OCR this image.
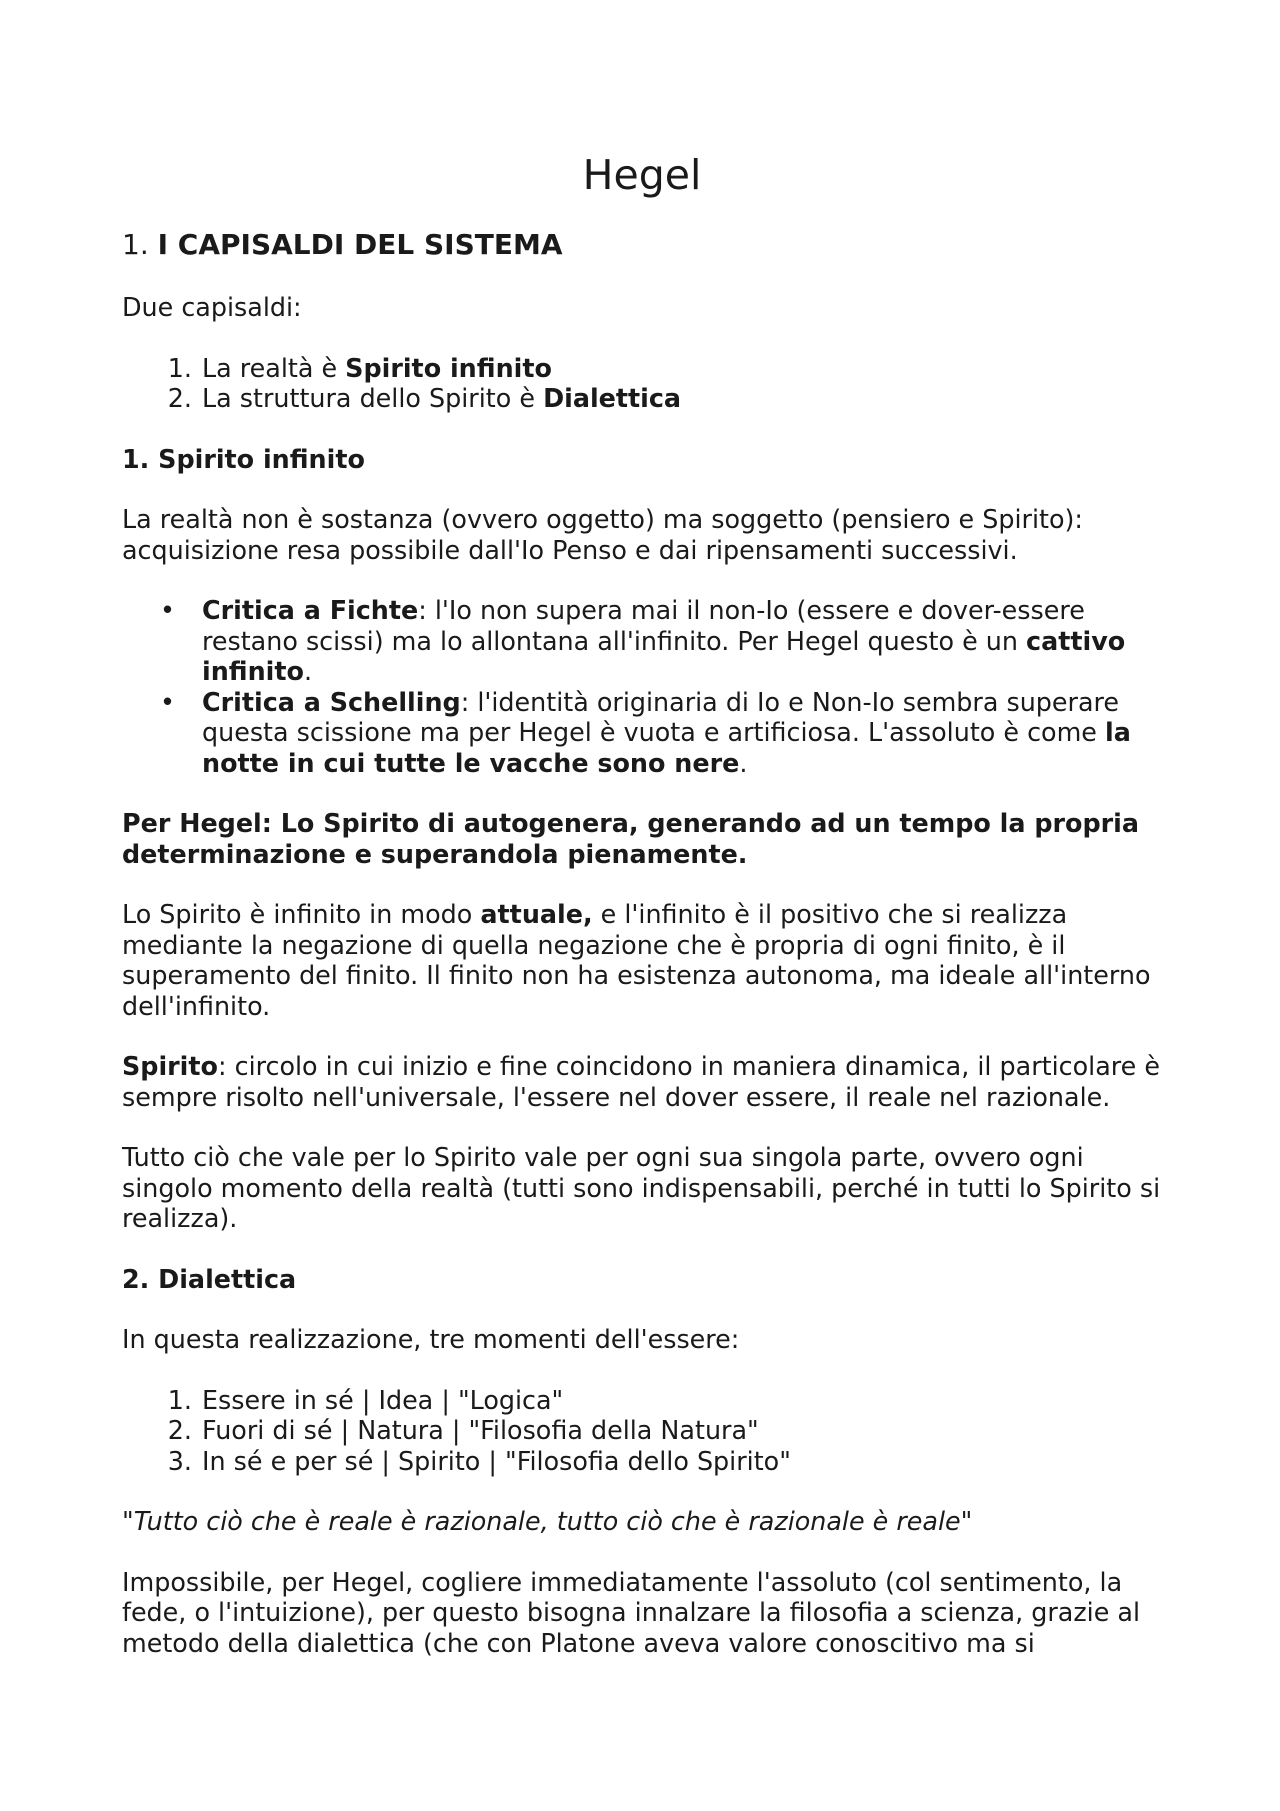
Hegel
1. I CAPISALDI DEL SISTEMA

Due capisaldi:

1. La realtà è Spirito infinito
2. La struttura dello Spirito è Dialettica
1. Spirito infinito

La realtà non è sostanza (ovvero oggetto) ma soggetto (pensiero e Spirito): acquisizione resa possibile dall'Io Penso e dai ripensamenti successivi.

• Critica a Fichte: l'Io non supera mai il non-Io (essere e dover-essere restano scissi) ma lo allontana all'infinito. Per Hegel questo è un cattivo infinito.
• Critica a Schelling: l'identità originaria di Io e Non-Io sembra superare questa scissione ma per Hegel è vuota e artificiosa. L'assoluto è come la notte in cui tutte le vacche sono nere.

Per Hegel: Lo Spirito di autogenera, generando ad un tempo la propria determinazione e superandola pienamente.

Lo Spirito è infinito in modo attuale, e l'infinito è il positivo che si realizza mediante la negazione di quella negazione che è propria di ogni finito, è il superamento del finito. Il finito non ha esistenza autonoma, ma ideale all'interno dell'infinito.

Spirito: circolo in cui inizio e fine coincidono in maniera dinamica, il particolare è sempre risolto nell'universale, l'essere nel dover essere, il reale nel razionale.

Tutto ciò che vale per lo Spirito vale per ogni sua singola parte, ovvero ogni singolo momento della realtà (tutti sono indispensabili, perché in tutti lo Spirito si realizza).

2. Dialettica

In questa realizzazione, tre momenti dell'essere:

1. Essere in sé | Idea | "Logica"
2. Fuori di sé | Natura | "Filosofia della Natura"
3. In sé e per sé | Spirito | "Filosofia dello Spirito"

"Tutto ciò che è reale è razionale, tutto ciò che è razionale è reale"

Impossibile, per Hegel, cogliere immediatamente l'assoluto (col sentimento, la fede, o l'intuizione), per questo bisogna innalzare la filosofia a scienza, grazie al metodo della dialettica (che con Platone aveva valore conoscitivo ma si
